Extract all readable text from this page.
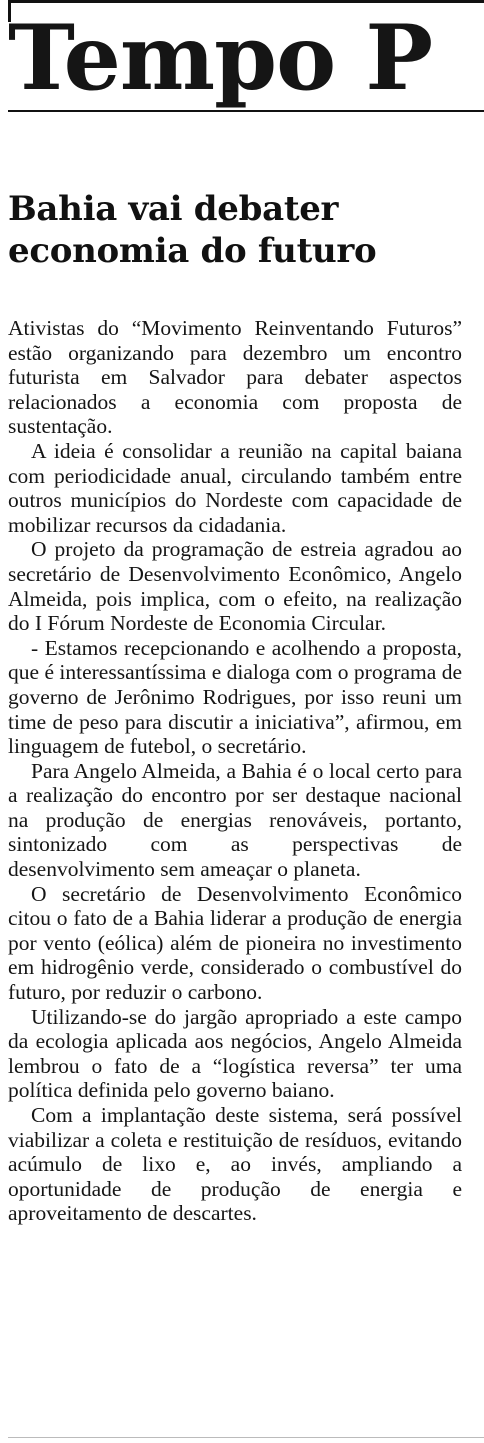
Tempo P
Bahia vai debater
economia do futuro

Ativistas do “Movimento Reinventando Futuros” estão organizando para dezembro um encontro futurista em Salvador para debater aspectos relacionados a economia com proposta de sustentação.

A ideia é consolidar a reunião na capital baiana com periodicidade anual, circulando também entre outros municípios do Nordeste com capacidade de mobilizar recursos da cidadania.

O projeto da programação de estreia agradou ao secretário de Desenvolvimento Econômico, Angelo Almeida, pois implica, com o efeito, na realização do I Fórum Nordeste de Economia Circular.

- Estamos recepcionando e acolhendo a proposta, que é interessantíssima e dialoga com o programa de governo de Jerônimo Rodrigues, por isso reuni um time de peso para discutir a iniciativa”, afirmou, em linguagem de futebol, o secretário.

Para Angelo Almeida, a Bahia é o local certo para a realização do encontro por ser destaque nacional na produção de energias renováveis, portanto, sintonizado com as perspectivas de desenvolvimento sem ameaçar o planeta.

O secretário de Desenvolvimento Econômico citou o fato de a Bahia liderar a produção de energia por vento (eólica) além de pioneira no investimento em hidrogênio verde, considerado o combustível do futuro, por reduzir o carbono.

Utilizando-se do jargão apropriado a este campo da ecologia aplicada aos negócios, Angelo Almeida lembrou o fato de a “logística reversa” ter uma política definida pelo governo baiano.

Com a implantação deste sistema, será possível viabilizar a coleta e restituição de resíduos, evitando acúmulo de lixo e, ao invés, ampliando a oportunidade de produção de energia e aproveitamento de descartes.
